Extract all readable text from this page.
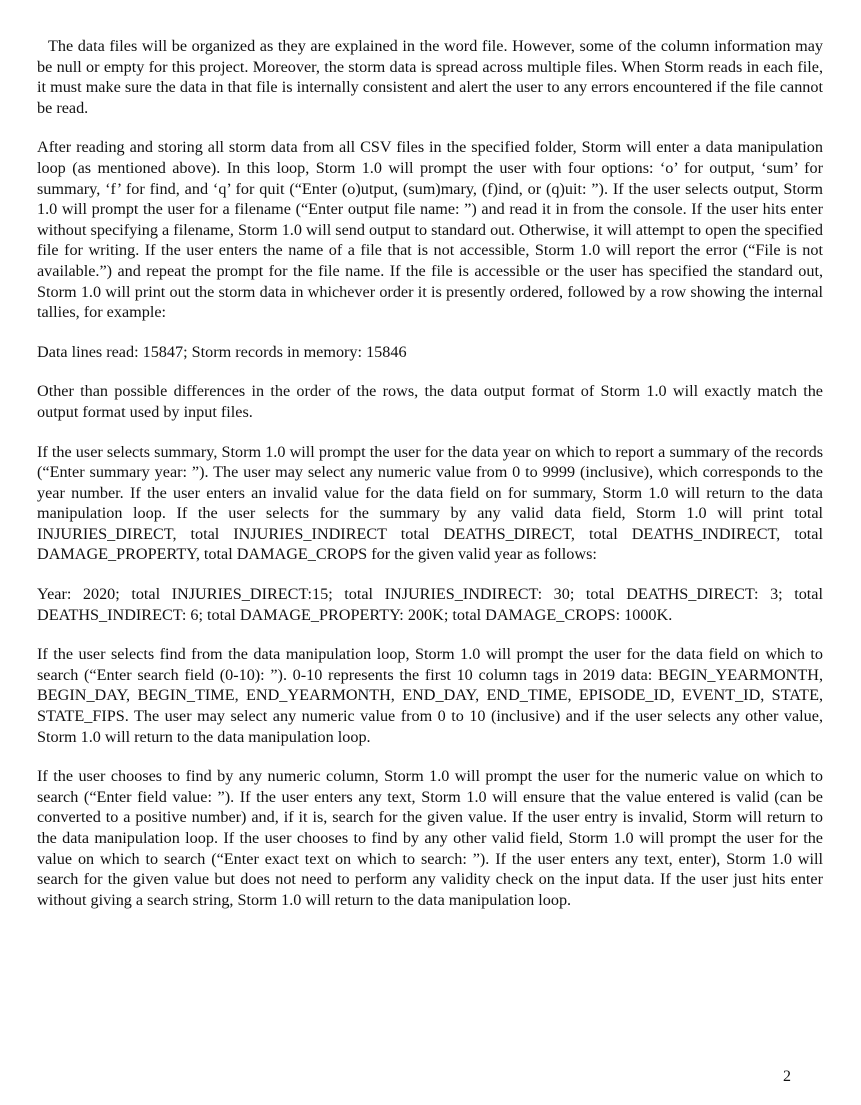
The data files will be organized as they are explained in the word file. However, some of the column information may be null or empty for this project. Moreover, the storm data is spread across multiple files. When Storm reads in each file, it must make sure the data in that file is internally consistent and alert the user to any errors encountered if the file cannot be read.

After reading and storing all storm data from all CSV files in the specified folder, Storm will enter a data manipulation loop (as mentioned above). In this loop, Storm 1.0 will prompt the user with four options: ‘o’ for output, ‘sum’ for summary, ‘f’ for find, and ‘q’ for quit (“Enter (o)utput, (sum)mary, (f)ind, or (q)uit: ”). If the user selects output, Storm 1.0 will prompt the user for a filename (“Enter output file name: ”) and read it in from the console. If the user hits enter without specifying a filename, Storm 1.0 will send output to standard out. Otherwise, it will attempt to open the specified file for writing. If the user enters the name of a file that is not accessible, Storm 1.0 will report the error (“File is not available.”) and repeat the prompt for the file name. If the file is accessible or the user has specified the standard out, Storm 1.0 will print out the storm data in whichever order it is presently ordered, followed by a row showing the internal tallies, for example:

Data lines read: 15847; Storm records in memory: 15846

Other than possible differences in the order of the rows, the data output format of Storm 1.0 will exactly match the output format used by input files.

If the user selects summary, Storm 1.0 will prompt the user for the data year on which to report a summary of the records (“Enter summary year: ”). The user may select any numeric value from 0 to 9999 (inclusive), which corresponds to the year number. If the user enters an invalid value for the data field on for summary, Storm 1.0 will return to the data manipulation loop. If the user selects for the summary by any valid data field, Storm 1.0 will print total INJURIES_DIRECT, total INJURIES_INDIRECT total DEATHS_DIRECT, total DEATHS_INDIRECT, total DAMAGE_PROPERTY, total DAMAGE_CROPS for the given valid year as follows:

Year: 2020; total INJURIES_DIRECT:15; total INJURIES_INDIRECT: 30; total DEATHS_DIRECT: 3; total DEATHS_INDIRECT: 6; total DAMAGE_PROPERTY: 200K; total DAMAGE_CROPS: 1000K.

If the user selects find from the data manipulation loop, Storm 1.0 will prompt the user for the data field on which to search (“Enter search field (0-10): ”). 0-10 represents the first 10 column tags in 2019 data: BEGIN_YEARMONTH, BEGIN_DAY, BEGIN_TIME, END_YEARMONTH, END_DAY, END_TIME, EPISODE_ID, EVENT_ID, STATE, STATE_FIPS. The user may select any numeric value from 0 to 10 (inclusive) and if the user selects any other value, Storm 1.0 will return to the data manipulation loop.

If the user chooses to find by any numeric column, Storm 1.0 will prompt the user for the numeric value on which to search (“Enter field value: ”). If the user enters any text, Storm 1.0 will ensure that the value entered is valid (can be converted to a positive number) and, if it is, search for the given value. If the user entry is invalid, Storm will return to the data manipulation loop. If the user chooses to find by any other valid field, Storm 1.0 will prompt the user for the value on which to search (“Enter exact text on which to search: ”). If the user enters any text, enter), Storm 1.0 will search for the given value but does not need to perform any validity check on the input data. If the user just hits enter without giving a search string, Storm 1.0 will return to the data manipulation loop.

2
